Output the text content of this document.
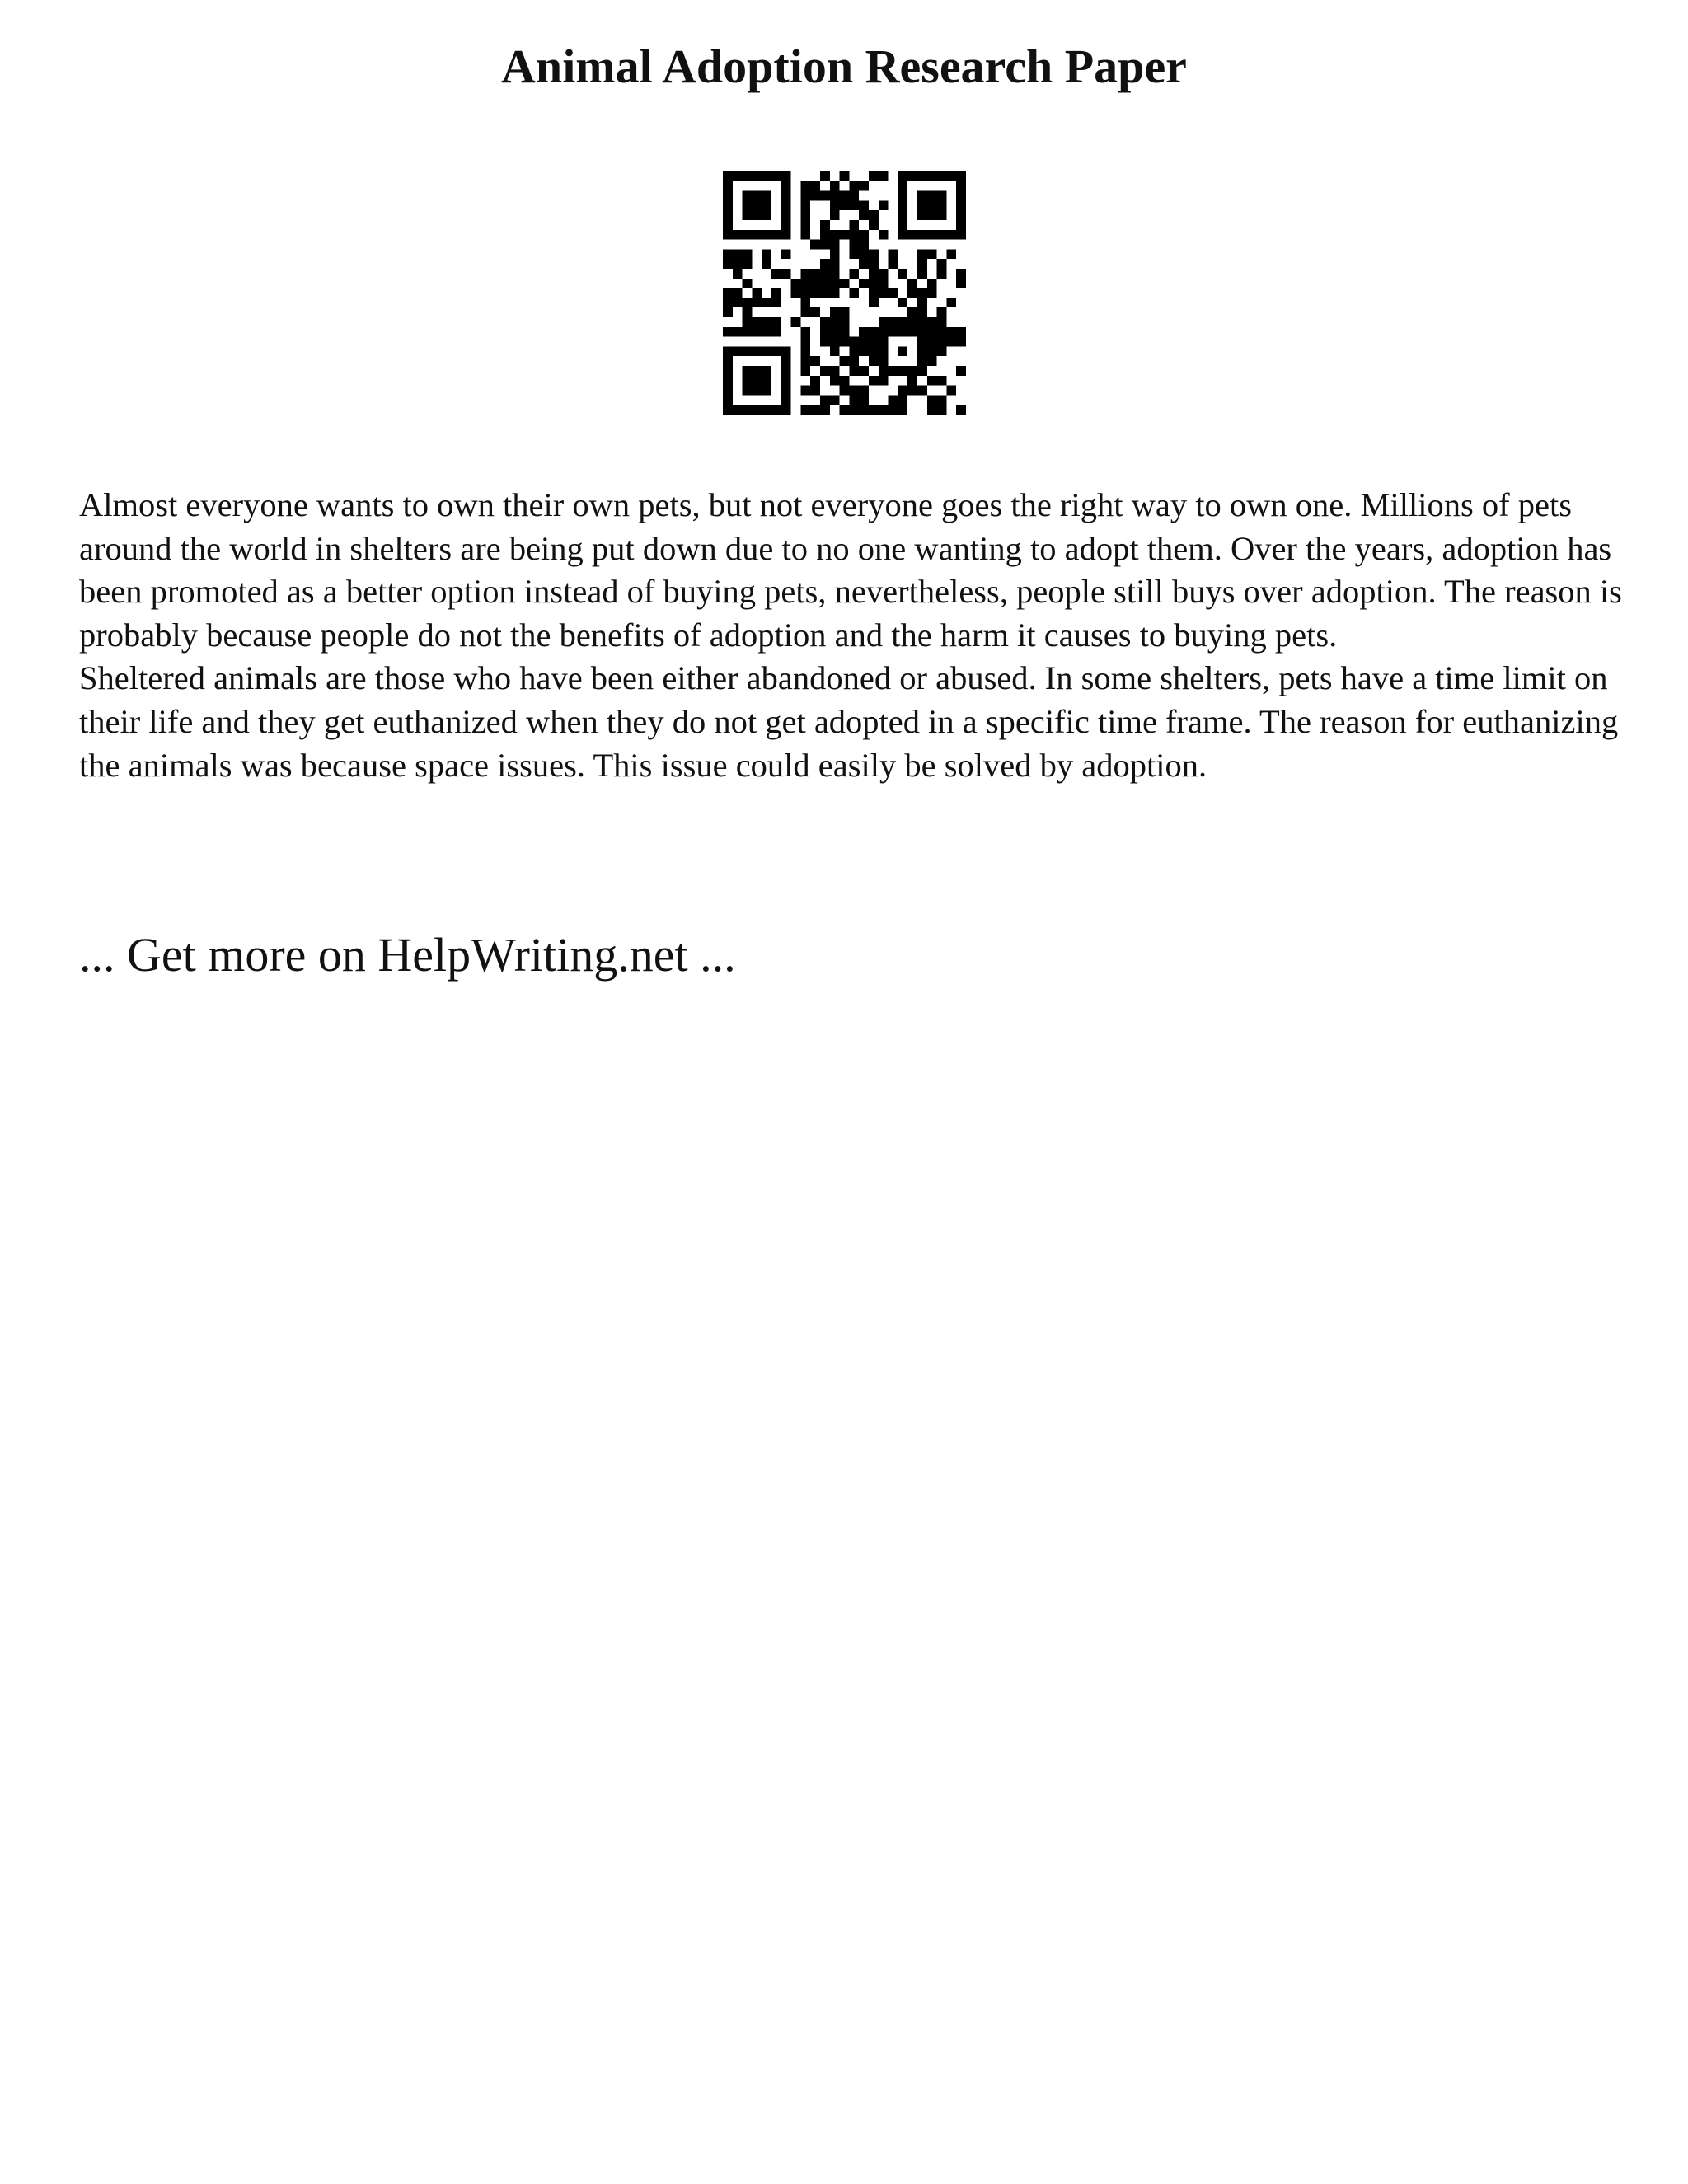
Animal Adoption Research Paper

Almost everyone wants to own their own pets, but not everyone goes the right way to own one. Millions of pets around the world in shelters are being put down due to no one wanting to adopt them. Over the years, adoption has been promoted as a better option instead of buying pets, nevertheless, people still buys over adoption. The reason is probably because people do not the benefits of adoption and the harm it causes to buying pets.

Sheltered animals are those who have been either abandoned or abused. In some shelters, pets have a time limit on their life and they get euthanized when they do not get adopted in a specific time frame. The reason for euthanizing the animals was because space issues. This issue could easily be solved by adoption.

... Get more on HelpWriting.net ...
